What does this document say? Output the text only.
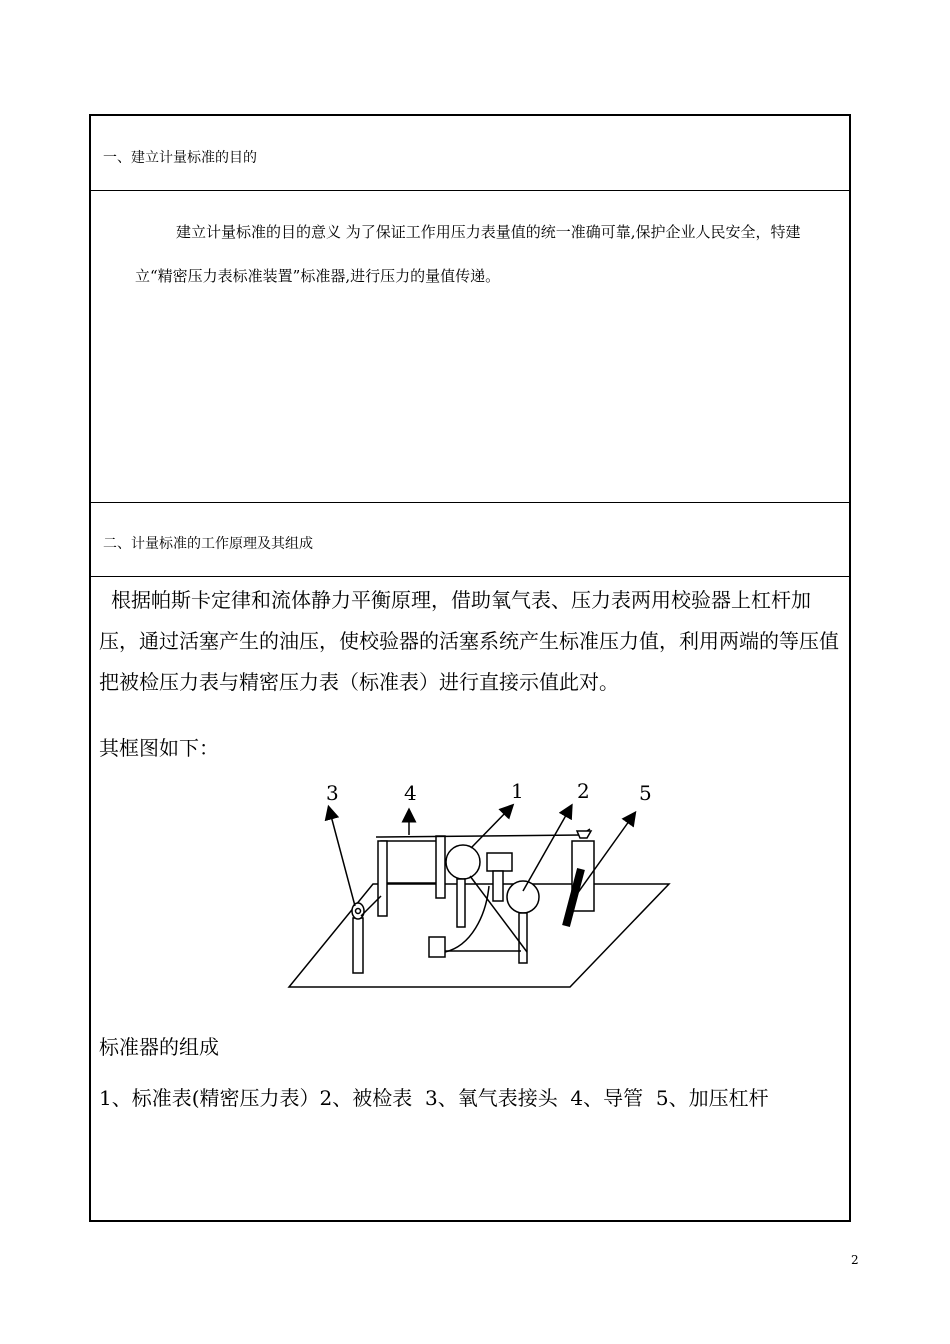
一、建立计量标准的目的
建立计量标准的目的意义 为了保证工作用压力表量值的统一准确可靠,保护企业人民安全，特建立“精密压力表标准装置”标准器,进行压力的量值传递。
二、计量标准的工作原理及其组成
根据帕斯卡定律和流体静力平衡原理，借助氧气表、压力表两用校验器上杠杆加压，通过活塞产生的油压，使校验器的活塞系统产生标准压力值，利用两端的等压值把被检压力表与精密压力表（标准表）进行直接示值此对。
其框图如下：
3	4	1	2 5
标准器的组成
1、标准表(精密压力表）2、被检表  3、氧气表接头  4、导管  5、加压杠杆
2
